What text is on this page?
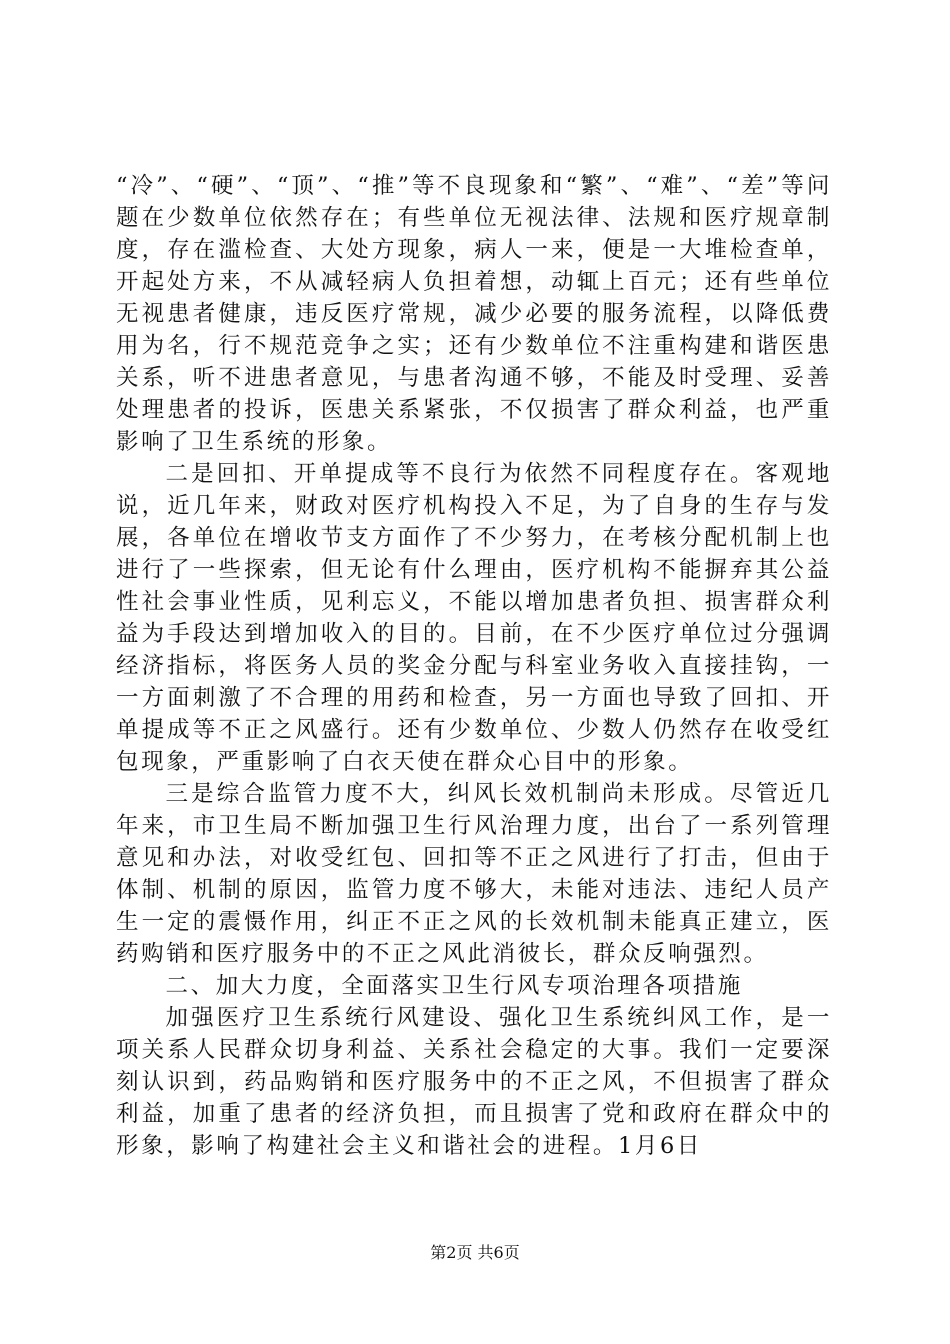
“冷”、“硬”、“顶”、“推”等不良现象和“繁”、“难”、“差”等问题在少数单位依然存在；有些单位无视法律、法规和医疗规章制度，存在滥检查、大处方现象，病人一来，便是一大堆检查单，开起处方来，不从减轻病人负担着想，动辄上百元；还有些单位无视患者健康，违反医疗常规，减少必要的服务流程，以降低费用为名，行不规范竞争之实；还有少数单位不注重构建和谐医患关系，听不进患者意见，与患者沟通不够，不能及时受理、妥善处理患者的投诉，医患关系紧张，不仅损害了群众利益，也严重影响了卫生系统的形象。

二是回扣、开单提成等不良行为依然不同程度存在。客观地说，近几年来，财政对医疗机构投入不足，为了自身的生存与发展，各单位在增收节支方面作了不少努力，在考核分配机制上也进行了一些探索，但无论有什么理由，医疗机构不能摒弃其公益性社会事业性质，见利忘义，不能以增加患者负担、损害群众利益为手段达到增加收入的目的。目前，在不少医疗单位过分强调经济指标，将医务人员的奖金分配与科室业务收入直接挂钩，一一方面刺激了不合理的用药和检查，另一方面也导致了回扣、开单提成等不正之风盛行。还有少数单位、少数人仍然存在收受红包现象，严重影响了白衣天使在群众心目中的形象。

三是综合监管力度不大，纠风长效机制尚未形成。尽管近几年来，市卫生局不断加强卫生行风治理力度，出台了一系列管理意见和办法，对收受红包、回扣等不正之风进行了打击，但由于体制、机制的原因，监管力度不够大，未能对违法、违纪人员产生一定的震慑作用，纠正不正之风的长效机制未能真正建立，医药购销和医疗服务中的不正之风此消彼长，群众反响强烈。

二、加大力度，全面落实卫生行风专项治理各项措施

加强医疗卫生系统行风建设、强化卫生系统纠风工作，是一项关系人民群众切身利益、关系社会稳定的大事。我们一定要深刻认识到，药品购销和医疗服务中的不正之风，不但损害了群众利益，加重了患者的经济负担，而且损害了党和政府在群众中的形象，影响了构建社会主义和谐社会的进程。1月6日

第2页 共6页
